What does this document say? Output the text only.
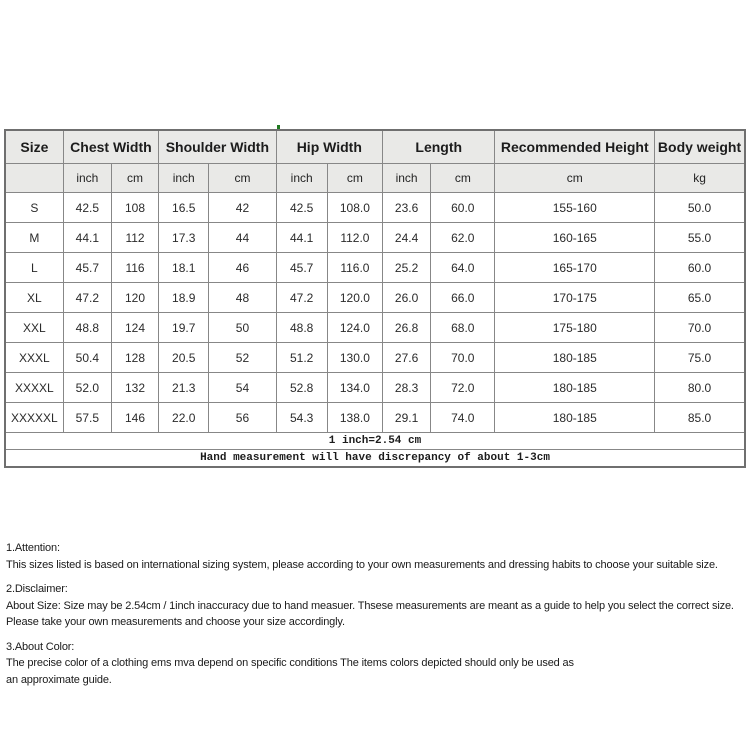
Size	Chest Width		Shoulder Width		Hip Width		Length		Recommended Height	Body weight
	inch	cm	inch	cm	inch	cm	inch	cm	cm	kg
S	42.5	108	16.5	42	42.5	108.0	23.6	60.0	155-160	50.0
M	44.1	112	17.3	44	44.1	112.0	24.4	62.0	160-165	55.0
L	45.7	116	18.1	46	45.7	116.0	25.2	64.0	165-170	60.0
XL	47.2	120	18.9	48	47.2	120.0	26.0	66.0	170-175	65.0
XXL	48.8	124	19.7	50	48.8	124.0	26.8	68.0	175-180	70.0
XXXL	50.4	128	20.5	52	51.2	130.0	27.6	70.0	180-185	75.0
XXXXL	52.0	132	21.3	54	52.8	134.0	28.3	72.0	180-185	80.0
XXXXXL	57.5	146	22.0	56	54.3	138.0	29.1	74.0	180-185	85.0
1 inch=2.54 cm										
Hand measurement will have discrepancy of about 1-3cm										
1.Attention:
This sizes listed is based on international sizing system, please according to your own measurements and dressing habits to choose your suitable size.
2.Disclaimer:
About Size: Size may be 2.54cm / 1inch inaccuracy due to hand measuer. Thsese measurements are meant as a guide to help you select the correct size.
Please take your own measurements and choose your size accordingly.
3.About Color:
The precise color of a clothing ems mva depend on specific conditions The items colors depicted should only be used as
an approximate guide.
